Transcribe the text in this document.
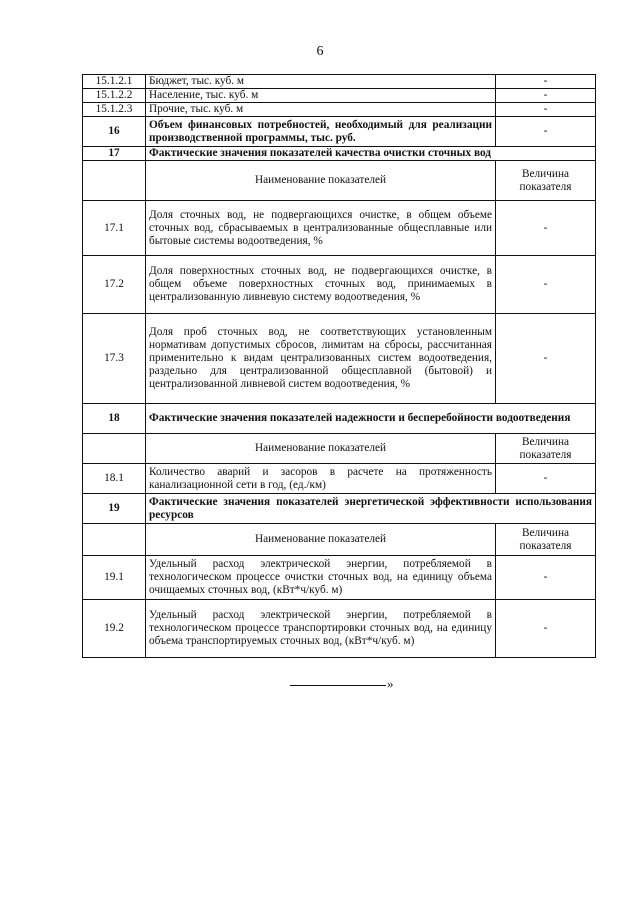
6
15.1.2.1	Бюджет, тыс. куб. м	-
15.1.2.2	Население, тыс. куб. м	-
15.1.2.3	Прочие, тыс. куб. м	-
16	Объем финансовых потребностей, необходимый для реализации производственной программы, тыс. руб.	-
17	Фактические значения показателей качества очистки сточных вод	
	Наименование показателей	Величина показателя
17.1	Доля сточных вод, не подвергающихся очистке, в общем объеме сточных вод, сбрасываемых в централизованные общесплавные или бытовые системы водоотведения, %	-
17.2	Доля поверхностных сточных вод, не подвергающихся очистке, в общем объеме поверхностных сточных вод, принимаемых в централизованную ливневую систему водоотведения, %	-
17.3	Доля проб сточных вод, не соответствующих установленным нормативам допустимых сбросов, лимитам на сбросы, рассчитанная применительно к видам централизованных систем водоотведения, раздельно для централизованной общесплавной (бытовой) и централизованной ливневой систем водоотведения, %	-
18	Фактические значения показателей надежности и бесперебойности водоотведения	
	Наименование показателей	Величина показателя
18.1	Количество аварий и засоров в расчете на протяженность канализационной сети в год, (ед./км)	-
19	Фактические значения показателей энергетической эффективности использования ресурсов	
	Наименование показателей	Величина показателя
19.1	Удельный расход электрической энергии, потребляемой в технологическом процессе очистки сточных вод, на единицу объема очищаемых сточных вод, (кВт*ч/куб. м)	-
19.2	Удельный расход электрической энергии, потребляемой в технологическом процессе транспортировки сточных вод, на единицу объема транспортируемых сточных вод, (кВт*ч/куб. м)	-
»
